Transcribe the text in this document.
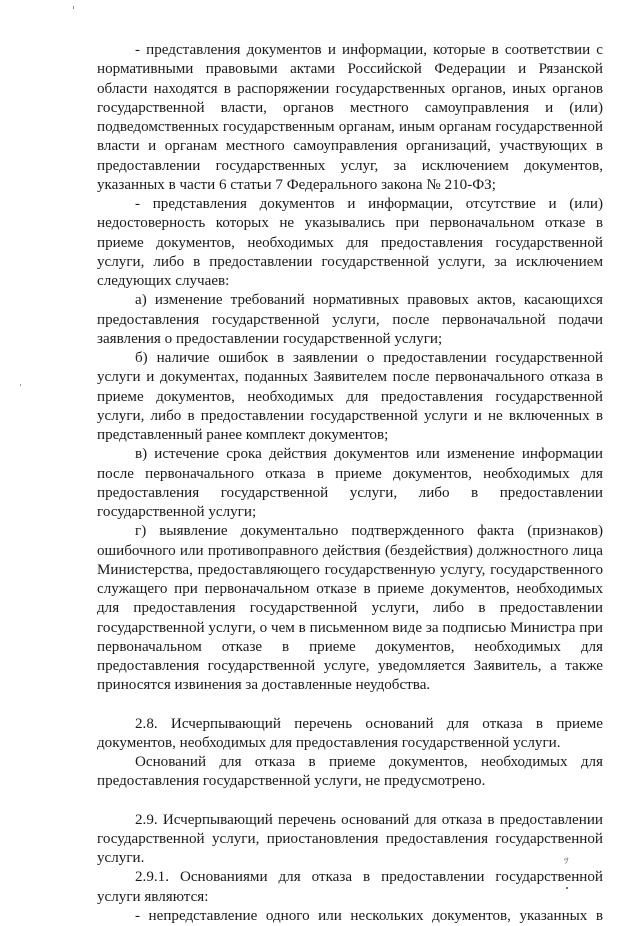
- представления документов и информации, которые в соответствии с нормативными правовыми актами Российской Федерации и Рязанской области находятся в распоряжении государственных органов, иных органов государственной власти, органов местного самоуправления и (или) подведомственных государственным органам, иным органам государственной власти и органам местного самоуправления организаций, участвующих в предоставлении государственных услуг, за исключением документов, указанных в части 6 статьи 7 Федерального закона № 210-ФЗ;

- представления документов и информации, отсутствие и (или) недостоверность которых не указывались при первоначальном отказе в приеме документов, необходимых для предоставления государственной услуги, либо в предоставлении государственной услуги, за исключением следующих случаев:

а) изменение требований нормативных правовых актов, касающихся предоставления государственной услуги, после первоначальной подачи заявления о предоставлении государственной услуги;

б) наличие ошибок в заявлении о предоставлении государственной услуги и документах, поданных Заявителем после первоначального отказа в приеме документов, необходимых для предоставления государственной услуги, либо в предоставлении государственной услуги и не включенных в представленный ранее комплект документов;

в) истечение срока действия документов или изменение информации после первоначального отказа в приеме документов, необходимых для предоставления государственной услуги, либо в предоставлении государственной услуги;

г) выявление документально подтвержденного факта (признаков) ошибочного или противоправного действия (бездействия) должностного лица Министерства, предоставляющего государственную услугу, государственного служащего при первоначальном отказе в приеме документов, необходимых для предоставления государственной услуги, либо в предоставлении государственной услуги, о чем в письменном виде за подписью Министра при первоначальном отказе в приеме документов, необходимых для предоставления государственной услуге, уведомляется Заявитель, а также приносятся извинения за доставленные неудобства.

2.8. Исчерпывающий перечень оснований для отказа в приеме документов, необходимых для предоставления государственной услуги.

Оснований для отказа в приеме документов, необходимых для предоставления государственной услуги, не предусмотрено.

2.9. Исчерпывающий перечень оснований для отказа в предоставлении государственной услуги, приостановления предоставления государственной услуги.

2.9.1. Основаниями для отказа в предоставлении государственной услуги являются:

- непредставление одного или нескольких документов, указанных в

ﾂ
